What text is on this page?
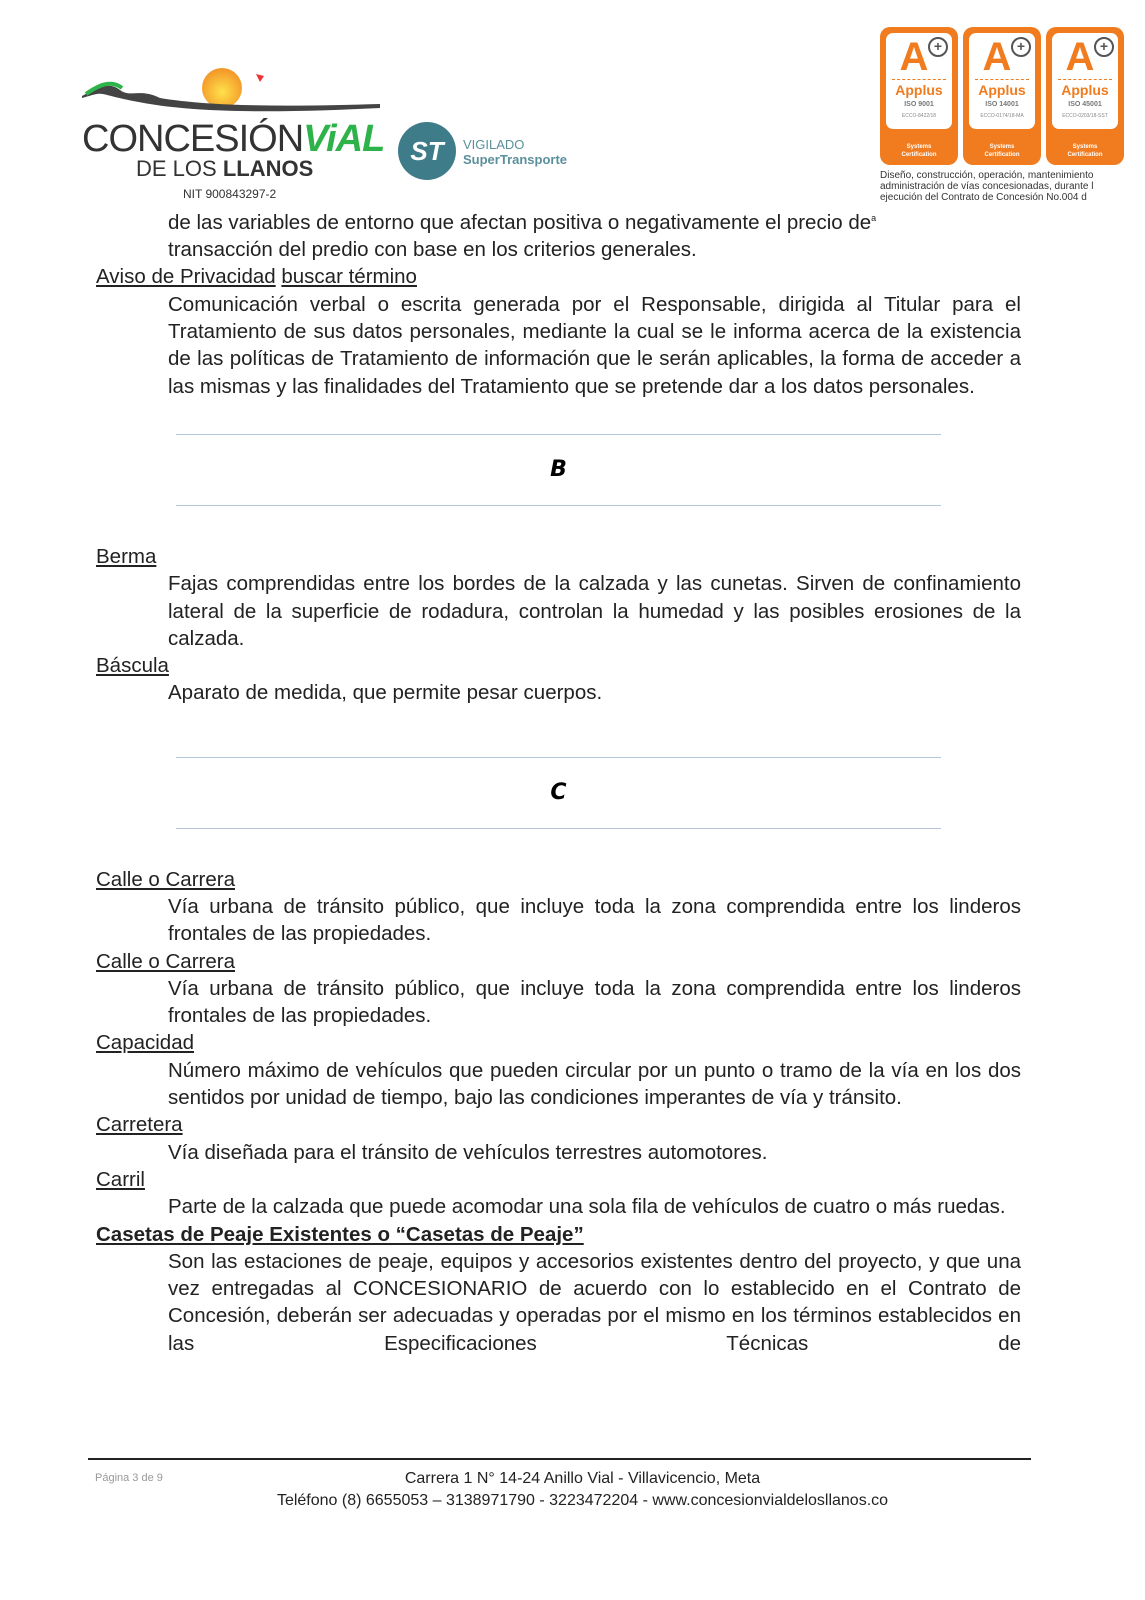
CONCESIÓNViAL
DE LOS LLANOS
NIT 900843297-2
ST	VIGILADO
SuperTransporte
A +
Applus
ISO 9001
ECCO-8422/18
Systems
Certification
A +
Applus
ISO 14001
ECCO-0174/18-MA
Systems
Certification
A +
Applus
ISO 45001
ECCO-0203/18-SST
Systems
Certification
Diseño, construcción, operación, mantenimiento
administración de vías concesionadas, durante l
ejecución del Contrato de Concesión No.004 d
de las variables de entorno que afectan positiva o negativamente el precio $de^a$
transacción del predio con base en los criterios generales.
Aviso de Privacidad buscar término
Comunicación verbal o escrita generada por el Responsable, dirigida al Titular para el Tratamiento de sus datos personales, mediante la cual se le informa acerca de la existencia de las políticas de Tratamiento de información que le serán aplicables, la forma de acceder a las mismas y las finalidades del Tratamiento que se pretende dar a los datos personales.
B
Berma
Fajas comprendidas entre los bordes de la calzada y las cunetas. Sirven de confinamiento lateral de la superficie de rodadura, controlan la humedad y las posibles erosiones de la calzada.
Báscula
Aparato de medida, que permite pesar cuerpos.
C
Calle o Carrera
Vía urbana de tránsito público, que incluye toda la zona comprendida entre los linderos frontales de las propiedades.
Calle o Carrera
Vía urbana de tránsito público, que incluye toda la zona comprendida entre los linderos frontales de las propiedades.
Capacidad
Número máximo de vehículos que pueden circular por un punto o tramo de la vía en los dos sentidos por unidad de tiempo, bajo las condiciones imperantes de vía y tránsito.
Carretera
Vía diseñada para el tránsito de vehículos terrestres automotores.
Carril
Parte de la calzada que puede acomodar una sola fila de vehículos de cuatro o más ruedas.
Casetas de Peaje Existentes o “Casetas de Peaje”
Son las estaciones de peaje, equipos y accesorios existentes dentro del proyecto, y que una vez entregadas al CONCESIONARIO de acuerdo con lo establecido en el Contrato de Concesión, deberán ser adecuadas y operadas por el mismo en los términos establecidos en las Especificaciones Técnicas de
Página 3 de 9	Carrera 1 N° 14-24 Anillo Vial - Villavicencio, Meta
Teléfono (8) 6655053 – 3138971790 - 3223472204 - www.concesionvialdelosllanos.co
